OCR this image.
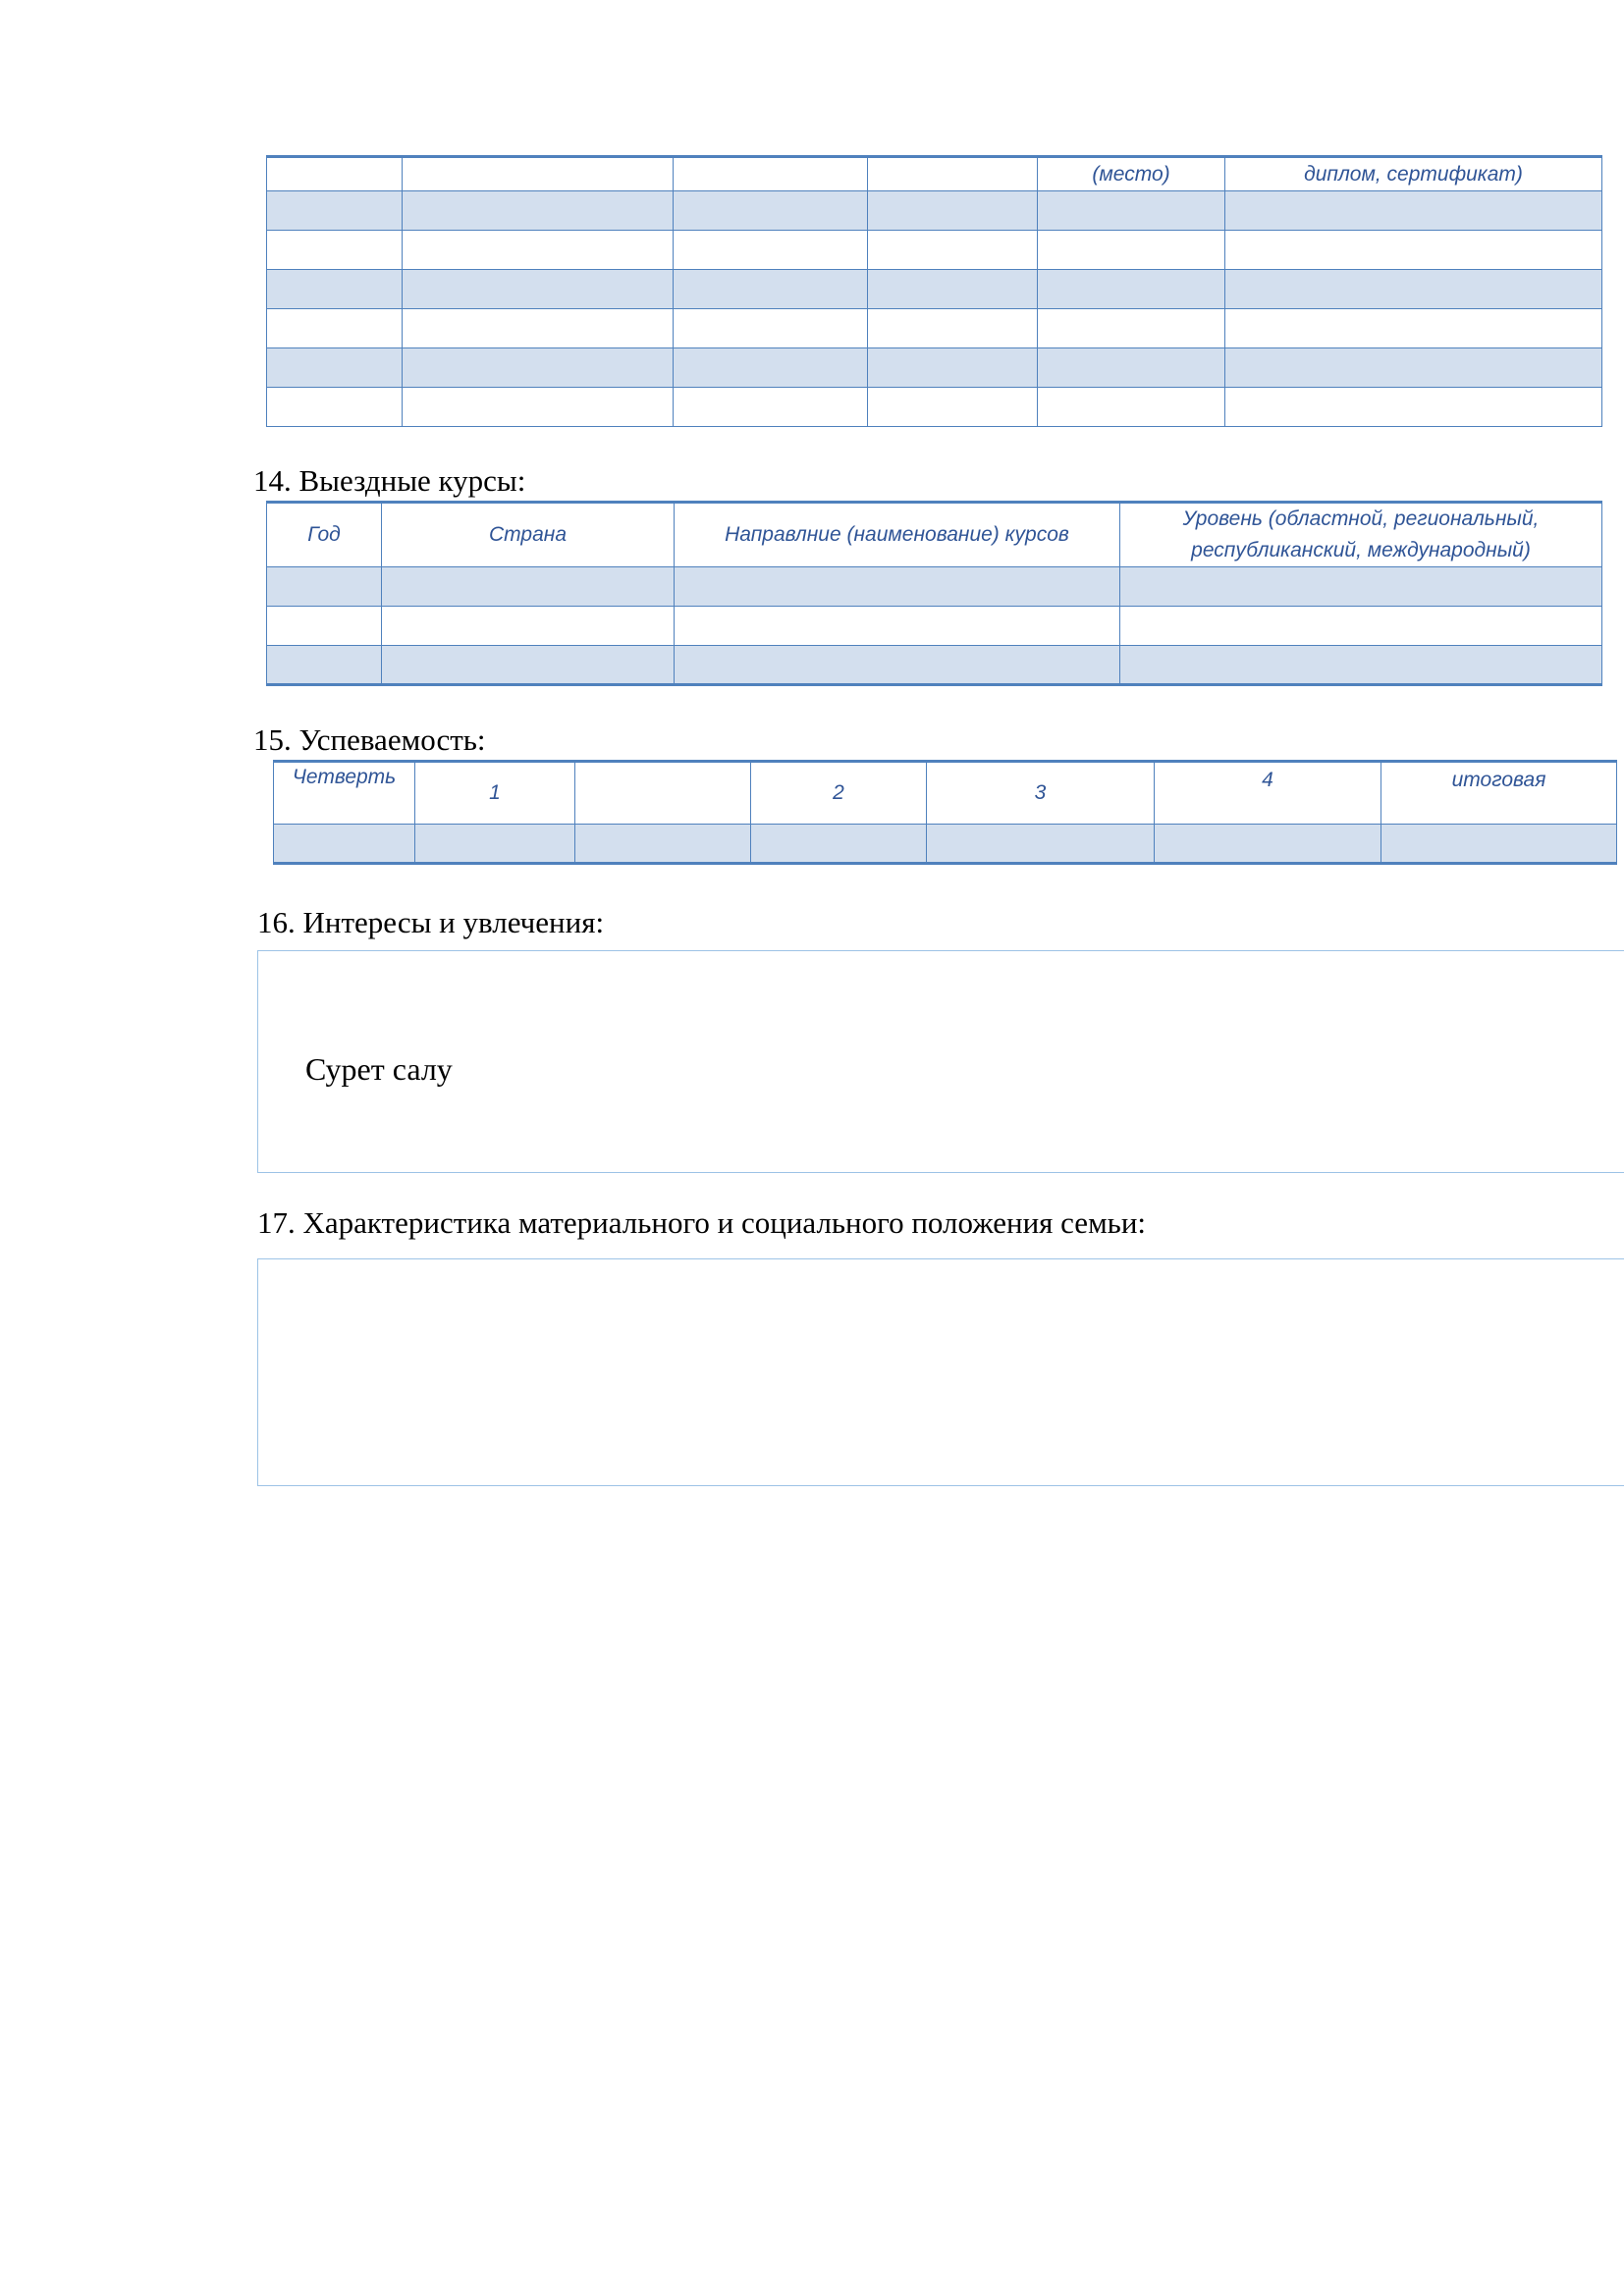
				(место)	диплом, сертификат)

14. Выездные курсы:
Год	Страна	Направлние (наименование) курсов	Уровень (областной, региональный, республиканский, международный)

15. Успеваемость:
Четверть	1		2	3	4	итоговая

16. Интересы и увлечения:
Сурет салу
17. Характеристика материального и социального положения семьи:
